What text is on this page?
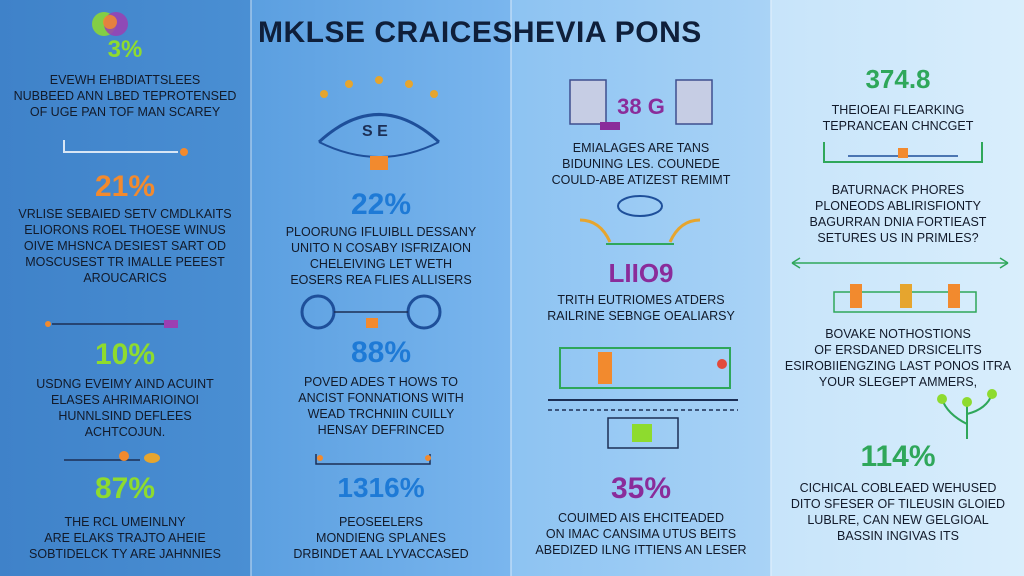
MKLSE CRAICESHEVIA PONS
3%
EVEWH EHBDIATTSLEES
NUBBEED ANN LBED TEPROTENSED
OF UGE PAN TOF MAN SCAREY
21%
VRLISE SEBAIED SETV CMDLKAITS
ELIORONS ROEL THOESE WINUS
OIVE MHSNCA DESIEST SART OD
MOSCUSEST TR IMALLE PEEEST
AROUCARICS
10%
USDNG EVEIMY AIND ACUINT
ELASES AHRIMARIOINOI
HUNNLSIND DEFLEES
ACHTCOJUN.
87%
THE RCL UMEINLNY
ARE ELAKS TRAJTO AHEIE
SOBTIDELCK TY ARE JAHNNIES
S E
22%
PLOORUNG IFLUIBLL DESSANY
UNITO N COSABY ISFRIZAION
CHELEIVING LET WETH
EOSERS REA FLIES ALLISERS
88%
POVED ADES T HOWS TO
ANCIST FONNATIONS WITH
WEAD TRCHNIIN CUILLY
HENSAY DEFRINCED
1316%
PEOSEELERS
MONDIENG SPLANES
DRBINDET AAL LYVACCASED
38 G
EMIALAGES ARE TANS
BIDUNING LES. COUNEDE
COULD-ABE ATIZEST REMIMT
LIIO9
TRITH EUTRIOMES ATDERS
RAILRINE SEBNGE OEALIARSY
35%
COUIMED AIS EHCITEADED
ON IMAC CANSIMA UTUS BEITS
ABEDIZED ILNG ITTIENS AN LESER
374.8
THEIOEAI FLEARKING
TEPRANCEAN CHNCGET
BATURNACK PHORES
PLONEODS ABLIRISFIONTY
BAGURRAN DNIA FORTIEAST
SETURES US IN PRIMLES?
BOVAKE NOTHOSTIONS
OF ERSDANED DRSICELITS
ESIROBIIENGZING LAST PONOS ITRA
YOUR SLEGEPT AMMERS,
114%
CICHICAL COBLEAED WEHUSED
DITO SFESER OF TILEUSIN GLOIED
LUBLRE, CAN NEW GELGIOAL
BASSIN INGIVAS ITS
